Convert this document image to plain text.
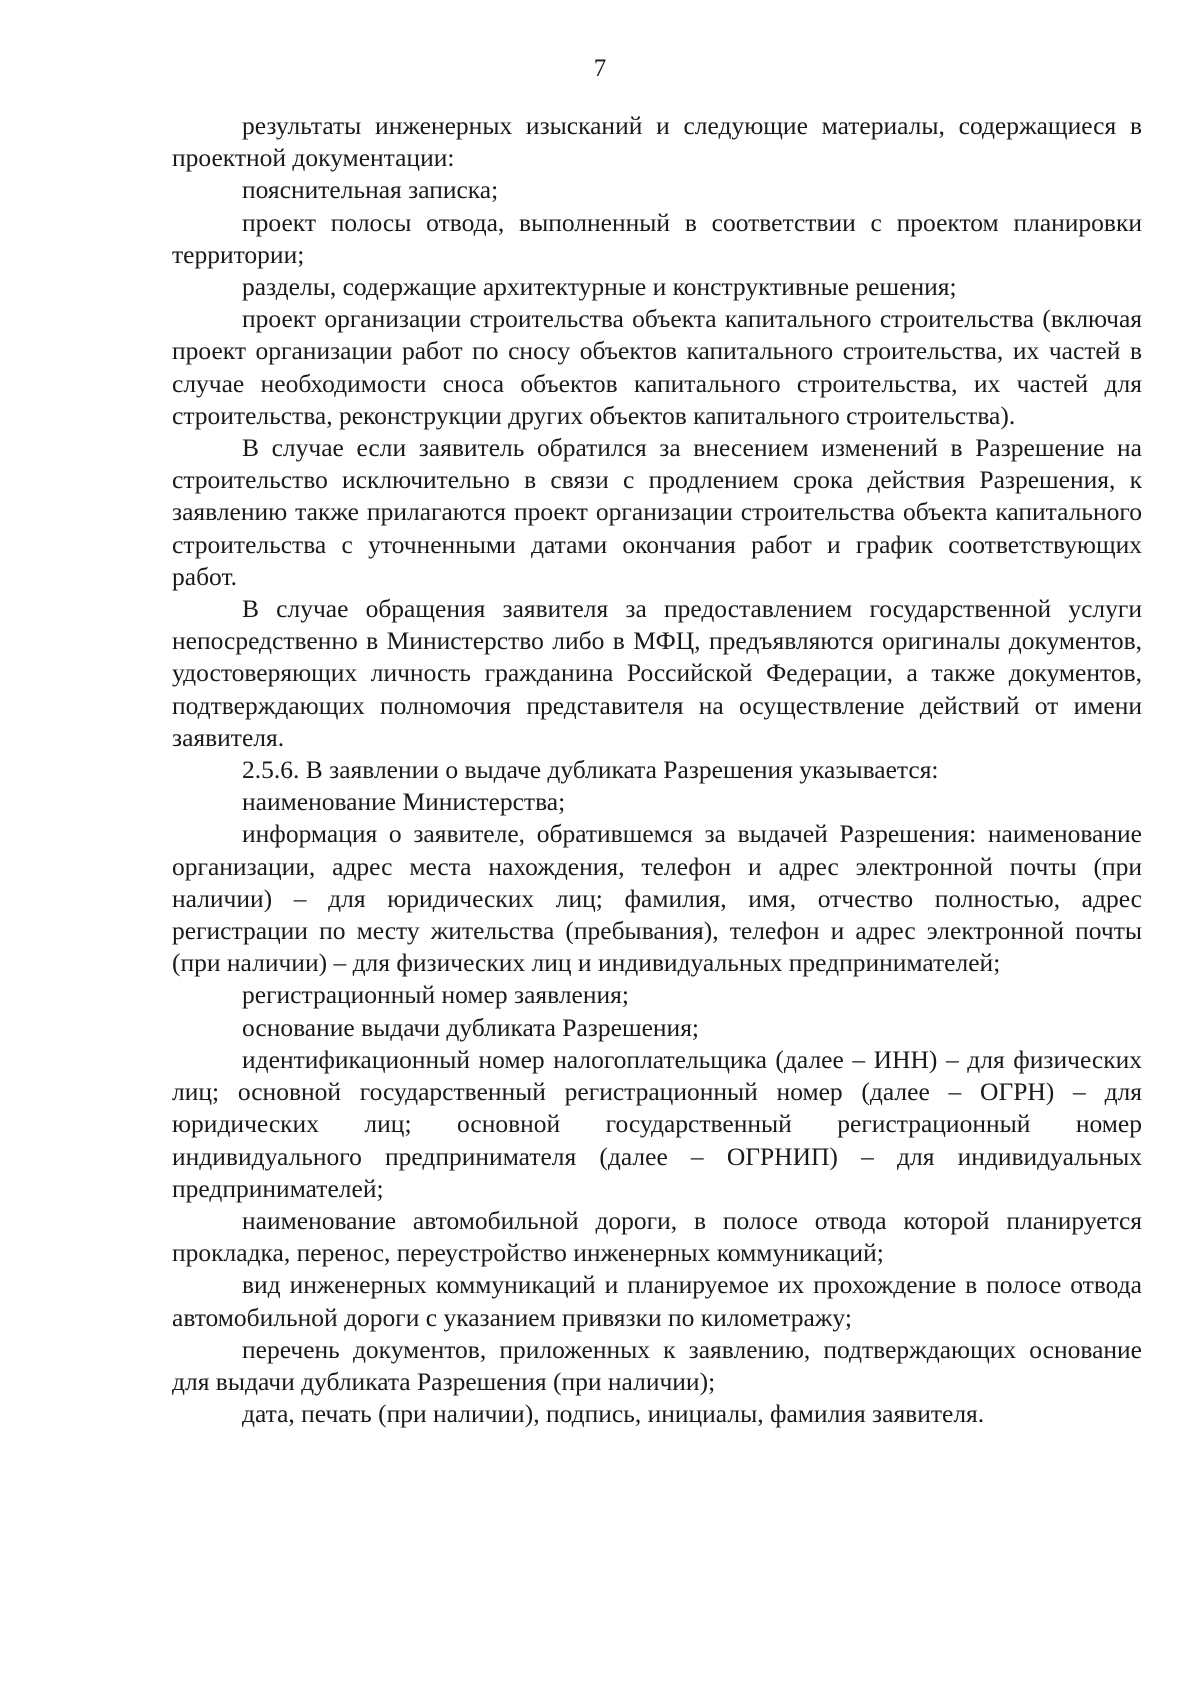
7

результаты инженерных изысканий и следующие материалы, содержащиеся в проектной документации:

пояснительная записка;

проект полосы отвода, выполненный в соответствии с проектом планировки территории;

разделы, содержащие архитектурные и конструктивные решения;

проект организации строительства объекта капитального строительства (включая проект организации работ по сносу объектов капитального строительства, их частей в случае необходимости сноса объектов капитального строительства, их частей для строительства, реконструкции других объектов капитального строительства).

В случае если заявитель обратился за внесением изменений в Разрешение на строительство исключительно в связи с продлением срока действия Разрешения, к заявлению также прилагаются проект организации строительства объекта капитального строительства с уточненными датами окончания работ и график соответствующих работ.

В случае обращения заявителя за предоставлением государственной услуги непосредственно в Министерство либо в МФЦ, предъявляются оригиналы документов, удостоверяющих личность гражданина Российской Федерации, а также документов, подтверждающих полномочия представителя на осуществление действий от имени заявителя.

2.5.6. В заявлении о выдаче дубликата Разрешения указывается:

наименование Министерства;

информация о заявителе, обратившемся за выдачей Разрешения: наименование организации, адрес места нахождения, телефон и адрес электронной почты (при наличии) – для юридических лиц; фамилия, имя, отчество полностью, адрес регистрации по месту жительства (пребывания), телефон и адрес электронной почты (при наличии) – для физических лиц и индивидуальных предпринимателей;

регистрационный номер заявления;

основание выдачи дубликата Разрешения;

идентификационный номер налогоплательщика (далее – ИНН) – для физических лиц; основной государственный регистрационный номер (далее – ОГРН) – для юридических лиц; основной государственный регистрационный номер индивидуального предпринимателя (далее – ОГРНИП) – для индивидуальных предпринимателей;

наименование автомобильной дороги, в полосе отвода которой планируется прокладка, перенос, переустройство инженерных коммуникаций;

вид инженерных коммуникаций и планируемое их прохождение в полосе отвода автомобильной дороги с указанием привязки по километражу;

перечень документов, приложенных к заявлению, подтверждающих основание для выдачи дубликата Разрешения (при наличии);

дата, печать (при наличии), подпись, инициалы, фамилия заявителя.
